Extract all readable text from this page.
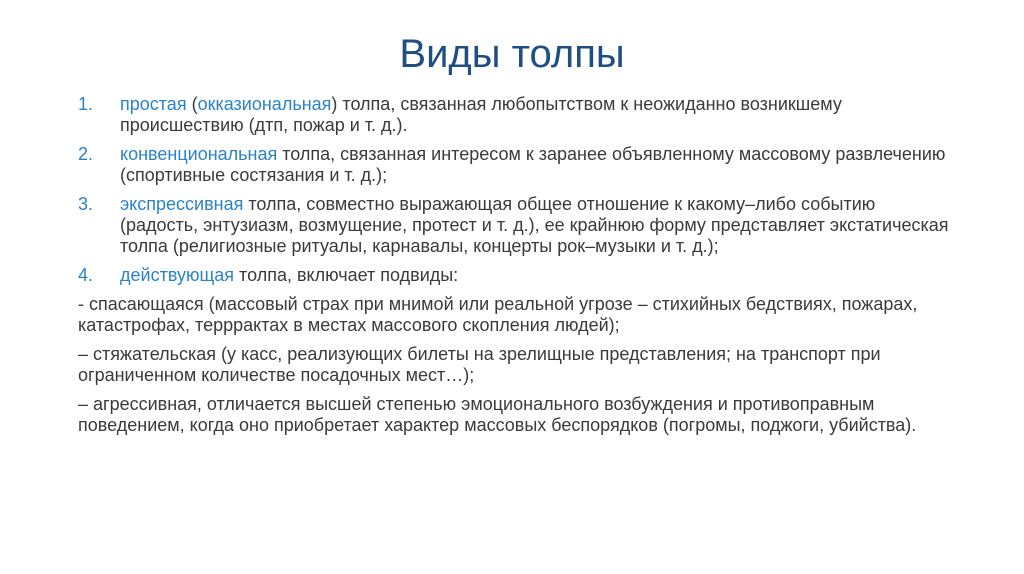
Виды толпы
1.	простая (окказиональная) толпа, связанная любопытством к неожиданно возникшему происшествию (дтп, пожар и т. д.).
2.	конвенциональная толпа, связанная интересом к заранее объявленному массовому развлечению (спортивные состязания и т. д.);
3.	экспрессивная толпа, совместно выражающая общее отношение к какому–либо событию (радость, энтузиазм, возмущение, протест и т. д.), ее крайнюю форму представляет экстатическая толпа (религиозные ритуалы, карнавалы, концерты рок–музыки и т. д.);
4.	действующая толпа, включает подвиды:
- спасающаяся (массовый страх при мнимой или реальной угрозе – стихийных бедствиях, пожарах, катастрофах, терррактах в местах массового скопления людей);
– стяжательская (у касс, реализующих билеты на зрелищные представления; на транспорт при ограниченном количестве посадочных мест…);
– агрессивная, отличается высшей степенью эмоционального возбуждения и противоправным поведением, когда оно приобретает характер массовых беспорядков (погромы, поджоги, убийства).
